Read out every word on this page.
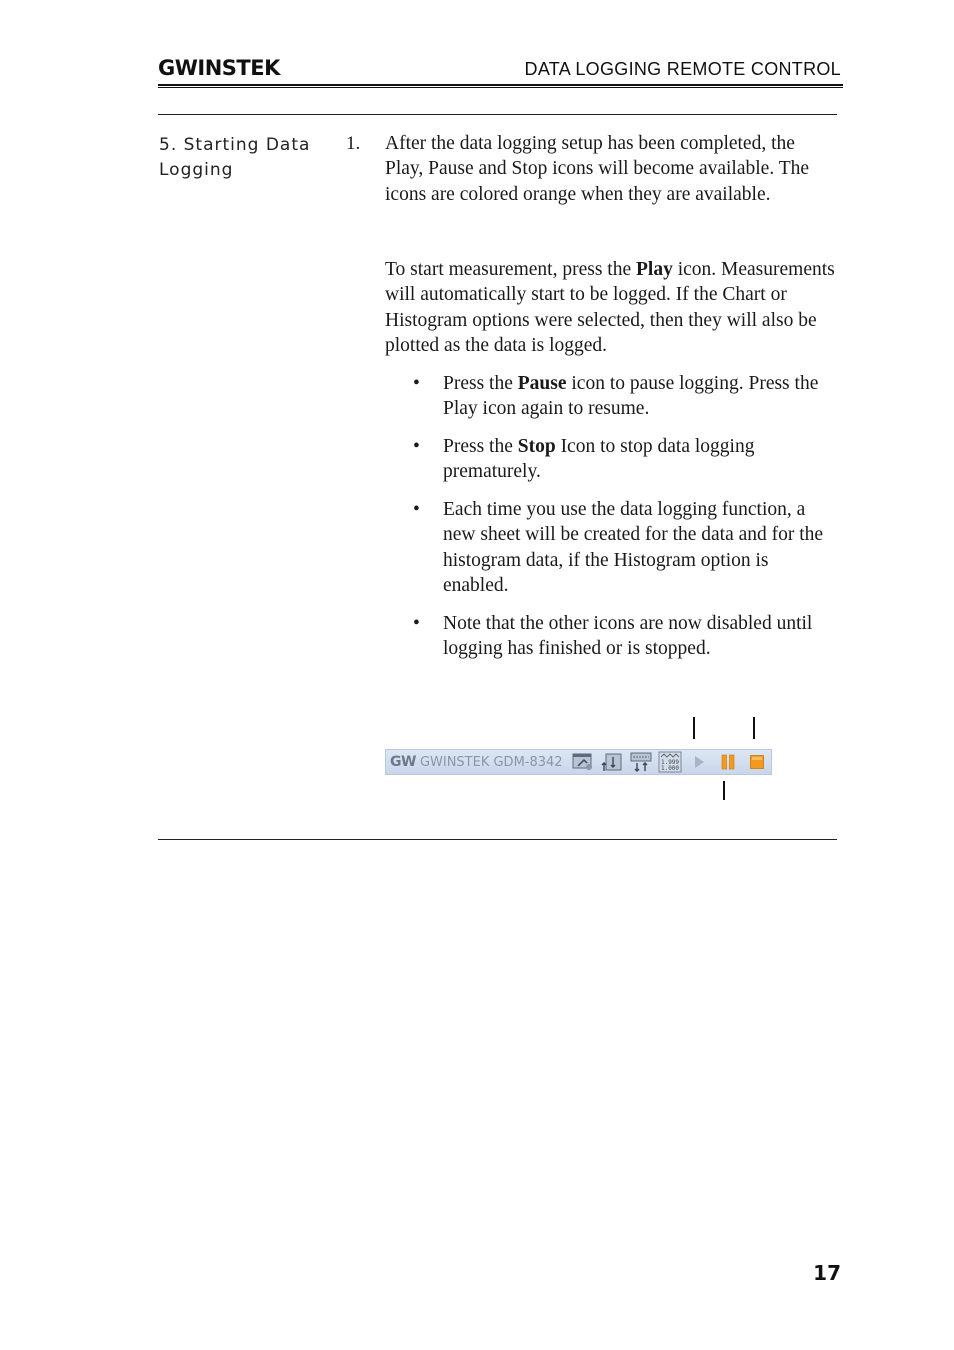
GWINSTEK	DATA LOGGING REMOTE CONTROL
5. Starting Data Logging
1. After the data logging setup has been completed, the Play, Pause and Stop icons will become available. The icons are colored orange when they are available.

To start measurement, press the Play icon. Measurements will automatically start to be logged. If the Chart or Histogram options were selected, then they will also be plotted as the data is logged.

• Press the Pause icon to pause logging. Press the Play icon again to resume.
• Press the Stop Icon to stop data logging prematurely.
• Each time you use the data logging function, a new sheet will be created for the data and for the histogram data, if the Histogram option is enabled.
• Note that the other icons are now disabled until logging has finished or is stopped.
GW GWINSTEK GDM-8342	1.999
1.000
17
